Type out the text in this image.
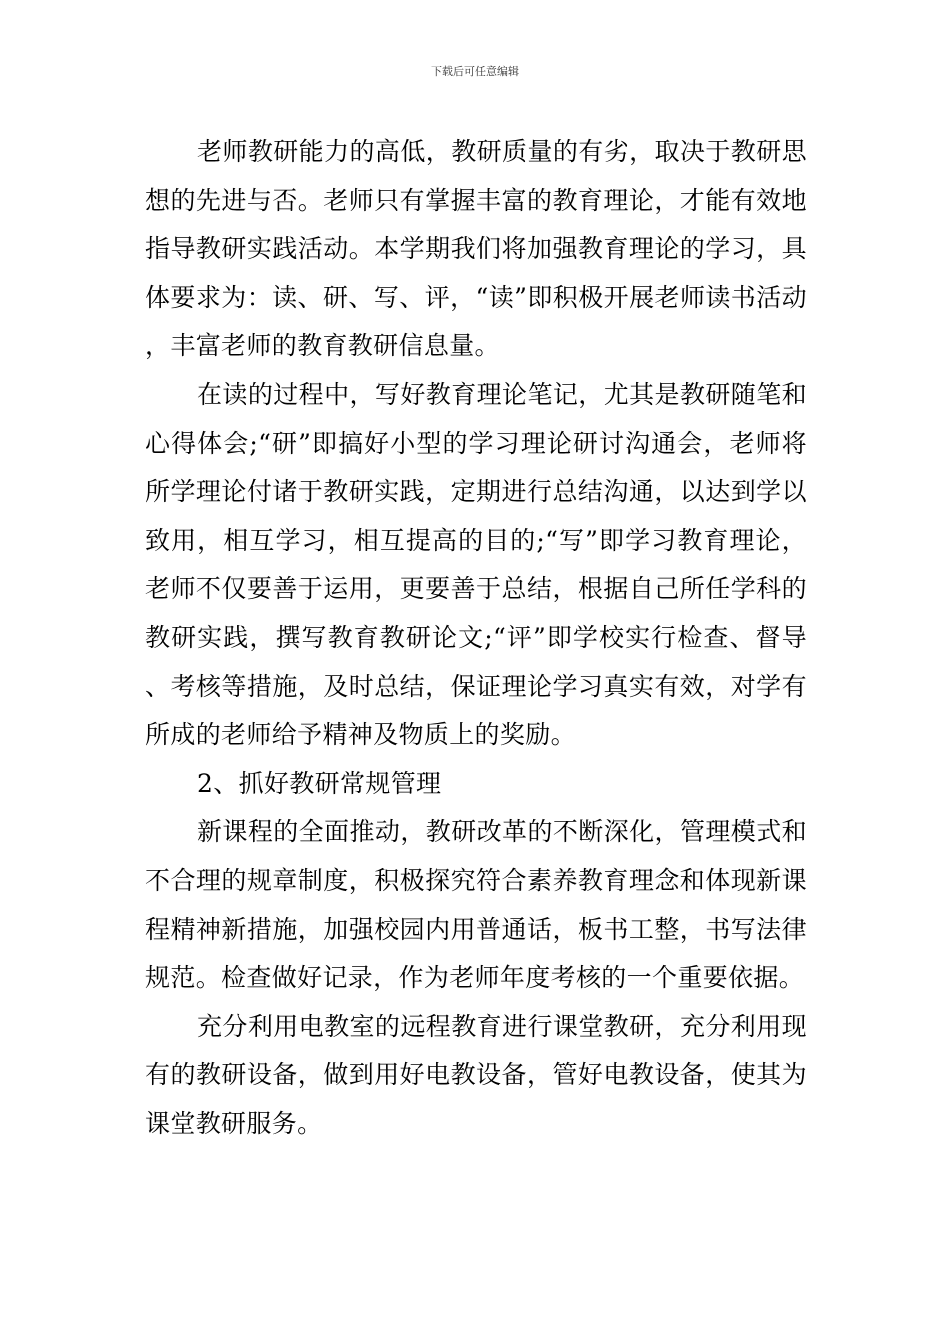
下载后可任意编辑

老师教研能力的高低，教研质量的有劣，取决于教研思想的先进与否。老师只有掌握丰富的教育理论，才能有效地指导教研实践活动。本学期我们将加强教育理论的学习，具体要求为：读、研、写、评，“读”即积极开展老师读书活动，丰富老师的教育教研信息量。

在读的过程中，写好教育理论笔记，尤其是教研随笔和心得体会;“研”即搞好小型的学习理论研讨沟通会，老师将所学理论付诸于教研实践，定期进行总结沟通，以达到学以致用，相互学习，相互提高的目的;“写”即学习教育理论，老师不仅要善于运用，更要善于总结，根据自己所任学科的教研实践，撰写教育教研论文;“评”即学校实行检查、督导、考核等措施，及时总结，保证理论学习真实有效，对学有所成的老师给予精神及物质上的奖励。

2、抓好教研常规管理

新课程的全面推动，教研改革的不断深化，管理模式和不合理的规章制度，积极探究符合素养教育理念和体现新课程精神新措施，加强校园内用普通话，板书工整，书写法律规范。检查做好记录，作为老师年度考核的一个重要依据。

充分利用电教室的远程教育进行课堂教研，充分利用现有的教研设备，做到用好电教设备，管好电教设备，使其为课堂教研服务。
